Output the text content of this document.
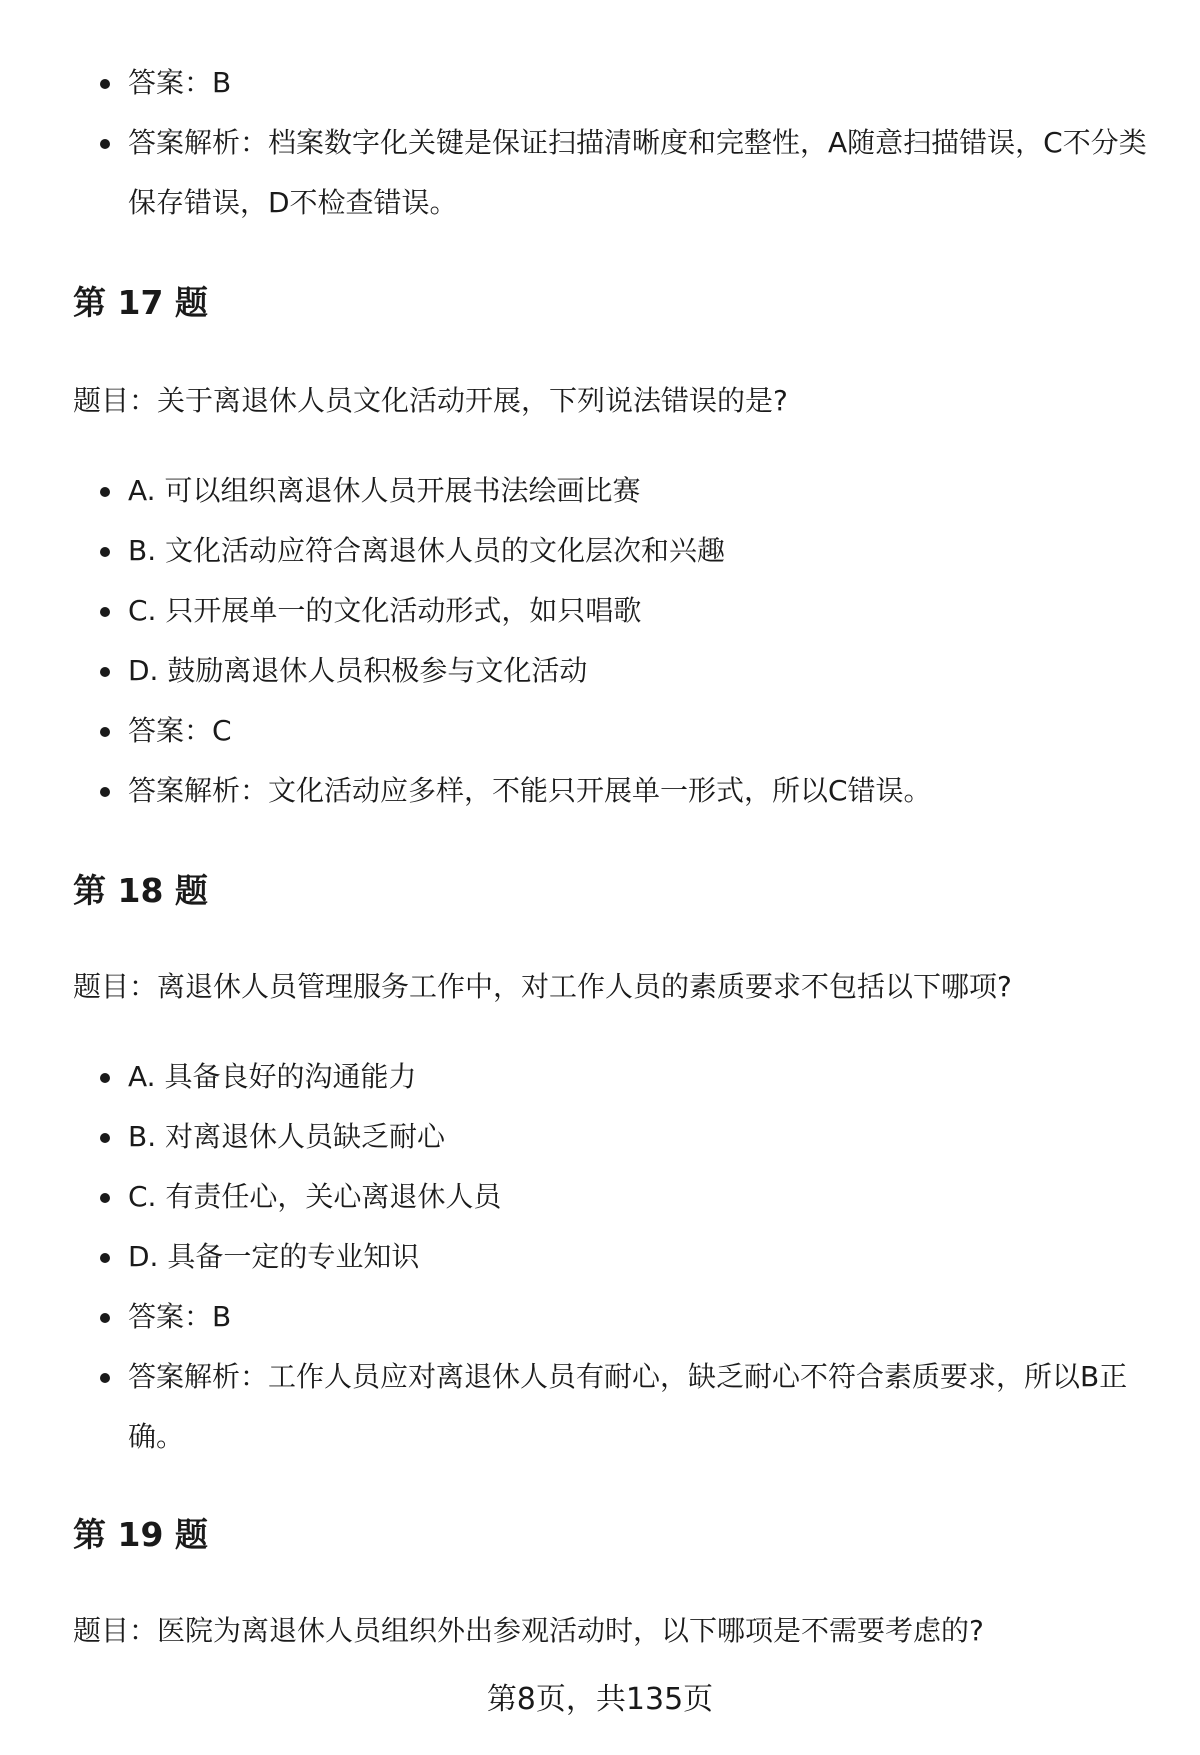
答案：B
答案解析：档案数字化关键是保证扫描清晰度和完整性，A随意扫描错误，C不分类保存错误，D不检查错误。
第 17 题

题目：关于离退休人员文化活动开展，下列说法错误的是?

A. 可以组织离退休人员开展书法绘画比赛
B. 文化活动应符合离退休人员的文化层次和兴趣
C. 只开展单一的文化活动形式，如只唱歌
D. 鼓励离退休人员积极参与文化活动
答案：C
答案解析：文化活动应多样，不能只开展单一形式，所以C错误。
第 18 题

题目：离退休人员管理服务工作中，对工作人员的素质要求不包括以下哪项?

A. 具备良好的沟通能力
B. 对离退休人员缺乏耐心
C. 有责任心，关心离退休人员
D. 具备一定的专业知识
答案：B
答案解析：工作人员应对离退休人员有耐心，缺乏耐心不符合素质要求，所以B正确。
第 19 题

题目：医院为离退休人员组织外出参观活动时，以下哪项是不需要考虑的?

第8页，共135页
